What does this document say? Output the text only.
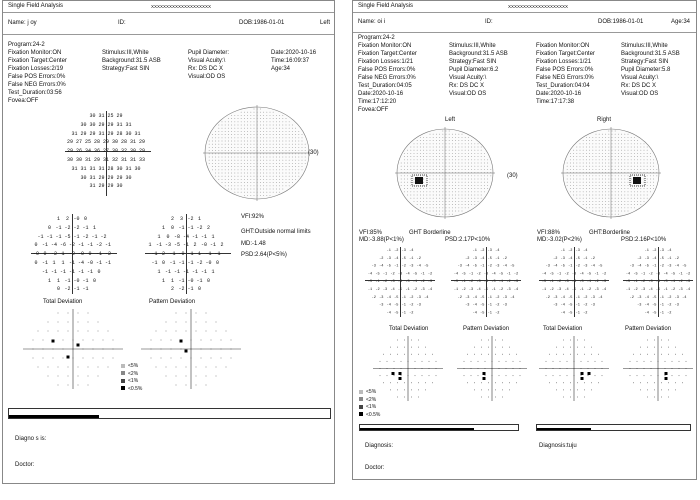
Single Field Analysis	XXXXXXXXXXXXXXXXXXXX
Name: j oy	ID:	DOB:1986-01-01	Left
Program:24-2
Fixation Monitor:ON	Stimulus:III,White	Pupil Diameter:	Date:2020-10-16
Fixation Target:Center	Background:31.5 ASB	Visual Acuity:\	Time:16:09:37
Fixation Losses:2/19	Strategy:Fast SIN	Rx: DS DC X	Age:34
False POS Errors:0%	Visual:OD OS
False NEG Errors:0%
Test_Duration:03:56
Fovea:OFF
30 31 25 29
30 30 29 29 31 31
31 29 29 31 29 28 30 31
29 27 25 28 29 30 28 31 29
29 26 34 36 27 30 32 30 29
30 30 31 29 31 32 31 31 33
31 31 31 31 28 30 31 30
30 31 29 29 29 30
31 29 29 30
(30)
1 2 -0 0
0 -1 -2 -2 -1 1
-1 -1 -1 -5 -1 -2 -1 -2
0 -1 -4 -6 -2 -1 -1 -2 -1
-0 0 -2 1 -2 -0 0 -1 -2
0 -1 1 1 -1 -4 -0 -1 -1
-1 -1 -1 -1 -1 -1 0
1 1 -1 -0 -1 0
0 -2 -1 -1
2 3 -2 1
1 0 -1 -1 -2 2
1 0 -8 -4 -1 -1 1
1 -1 -3 -5 -1 2 -0 -1 2
-1 2 -1 -0 -1 1 -1 -1
-1 0 -1 -1 -1 -2 -0 0
1 -1 -1 -1 -1 -1 1
1 1 -1 -0 -1 0
2 -2 -1 0
VFI:92%
GHT:Outside normal limits
MD:-1.48
PSD:2.64(P<5%)
Total Deviation	Pattern Deviation
<5%
<2%
<1%
<0.5%
Diagno s is:
Doctor:
Single Field Analysis	XXXXXXXXXXXXXXXXXXXX
Name: oi i	ID:	DOB:1986-01-01	Age:34
Program:24-2
Fixation Monitor:ON	Stimulus:III,White
Fixation Target:Center	Background:31.5 ASB
Fixation Losses:1/21	Strategy:Fast SIN
False POS Errors:0%	Pupil Diameter:6.2
False NEG Errors:0%	Visual Acuity:\
Test_Duration:04:05	Rx: DS DC X
Date:2020-10-16	Visual:OD OS
Time:17:12:20
Fovea:OFF
Fixation Monitor:ON	Stimulus:III,White
Fixation Target:Center	Background:31.5 ASB
Fixation Losses:1/21	Strategy:Fast SIN
False POS Errors:0%	Pupil Diameter:5.8
False NEG Errors:0%	Visual Acuity:\
Test_Duration:04:04	Rx: DS DC X
Date:2020-10-16	Visual:OD OS
Time:17:17:38
Left	Right
(30)
VFI:85%	GHT Borderline
MD:-3.88(P<1%)	PSD:2.17P<10%
VFI:88%	GHT:Borderline
MD:-3.02(P<2%)	PSD:2.16P<10%
-1 -2 -3 -4
-2 -3 -4 -5 -1 -2
-3 -4 -5 -1 -2 -3 -4 -5
-4 -5 -1 -2 -3 -4 -5 -1 -2
-5 -1 -2 -3 -4 -5 -1 -2 -3
-1 -2 -3 -4 -5 -1 -2 -3 -4
-2 -3 -4 -5 -1 -2 -3 -4
-3 -4 -5 -1 -2 -3
-4 -5 -1 -2
-1 -2 -3 -4
-2 -3 -4 -5 -1 -2
-3 -4 -5 -1 -2 -3 -4 -5
-4 -5 -1 -2 -3 -4 -5 -1 -2
-5 -1 -2 -3 -4 -5 -1 -2 -3
-1 -2 -3 -4 -5 -1 -2 -3 -4
-2 -3 -4 -5 -1 -2 -3 -4
-3 -4 -5 -1 -2 -3
-4 -5 -1 -2
-1 -2 -3 -4
-2 -3 -4 -5 -1 -2
-3 -4 -5 -1 -2 -3 -4 -5
-4 -5 -1 -2 -3 -4 -5 -1 -2
-5 -1 -2 -3 -4 -5 -1 -2 -3
-1 -2 -3 -4 -5 -1 -2 -3 -4
-2 -3 -4 -5 -1 -2 -3 -4
-3 -4 -5 -1 -2 -3
-4 -5 -1 -2
-1 -2 -3 -4
-2 -3 -4 -5 -1 -2
-3 -4 -5 -1 -2 -3 -4 -5
-4 -5 -1 -2 -3 -4 -5 -1 -2
-5 -1 -2 -3 -4 -5 -1 -2 -3
-1 -2 -3 -4 -5 -1 -2 -3 -4
-2 -3 -4 -5 -1 -2 -3 -4
-3 -4 -5 -1 -2 -3
-4 -5 -1 -2
Total Deviation	Pattern Deviation	Total Deviation	Pattern Deviation
<5%
<2%
<1%
<0.5%
Diagnosis:	Diagnosis:tuju
Doctor:
